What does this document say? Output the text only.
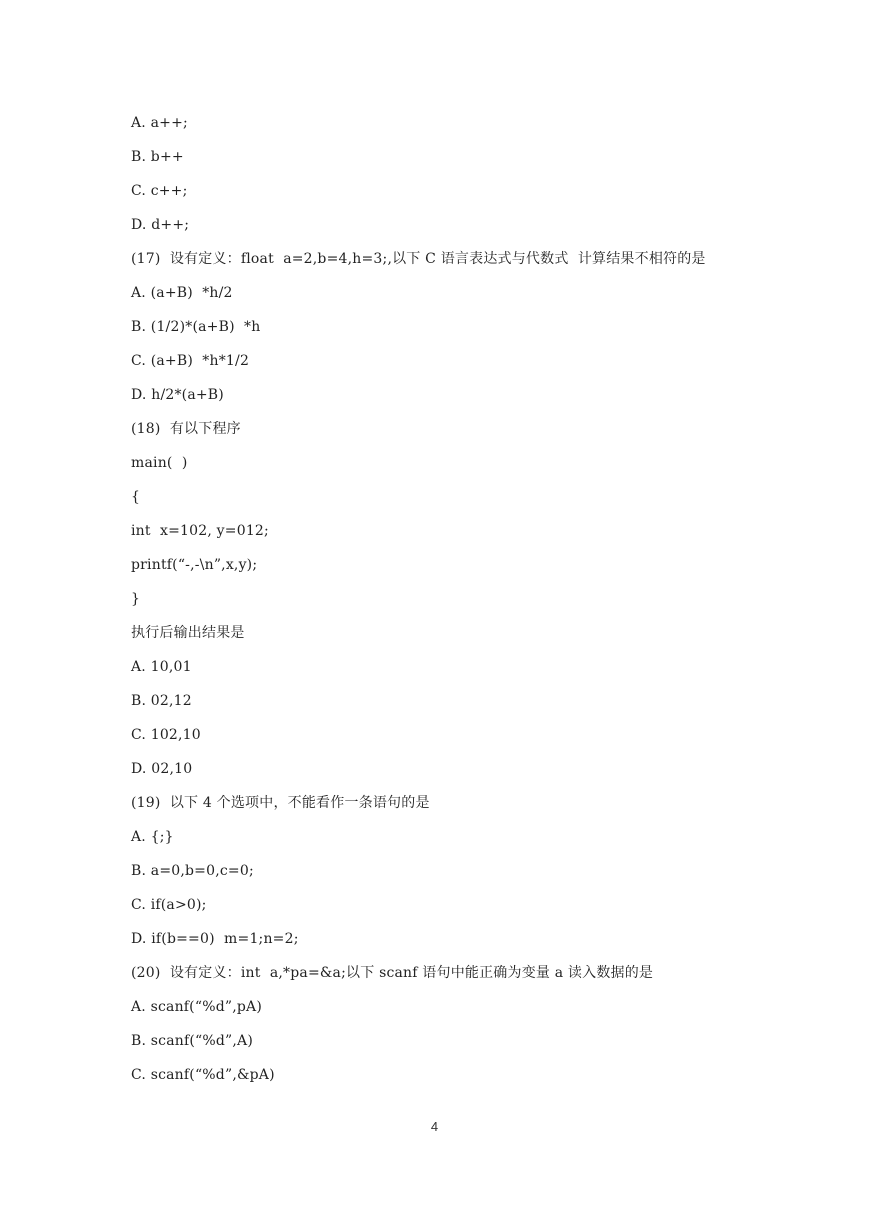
A. a++;
B. b++
C. c++;
D. d++;
(17)  设有定义：float  a=2,b=4,h=3;,以下 C 语言表达式与代数式  计算结果不相符的是
A. (a+B)  *h/2
B. (1/2)*(a+B)  *h
C. (a+B)  *h*1/2
D. h/2*(a+B)
(18)  有以下程序
main(  )
{
int  x=102, y=012;
printf(“-,-\n”,x,y);
}
执行后输出结果是
A. 10,01
B. 02,12
C. 102,10
D. 02,10
(19)  以下 4 个选项中，不能看作一条语句的是
A. {;}
B. a=0,b=0,c=0;
C. if(a>0);
D. if(b==0)  m=1;n=2;
(20)  设有定义：int  a,*pa=&a;以下 scanf 语句中能正确为变量 a 读入数据的是
A. scanf(“%d”,pA)
B. scanf(“%d”,A)
C. scanf(“%d”,&pA)
4
